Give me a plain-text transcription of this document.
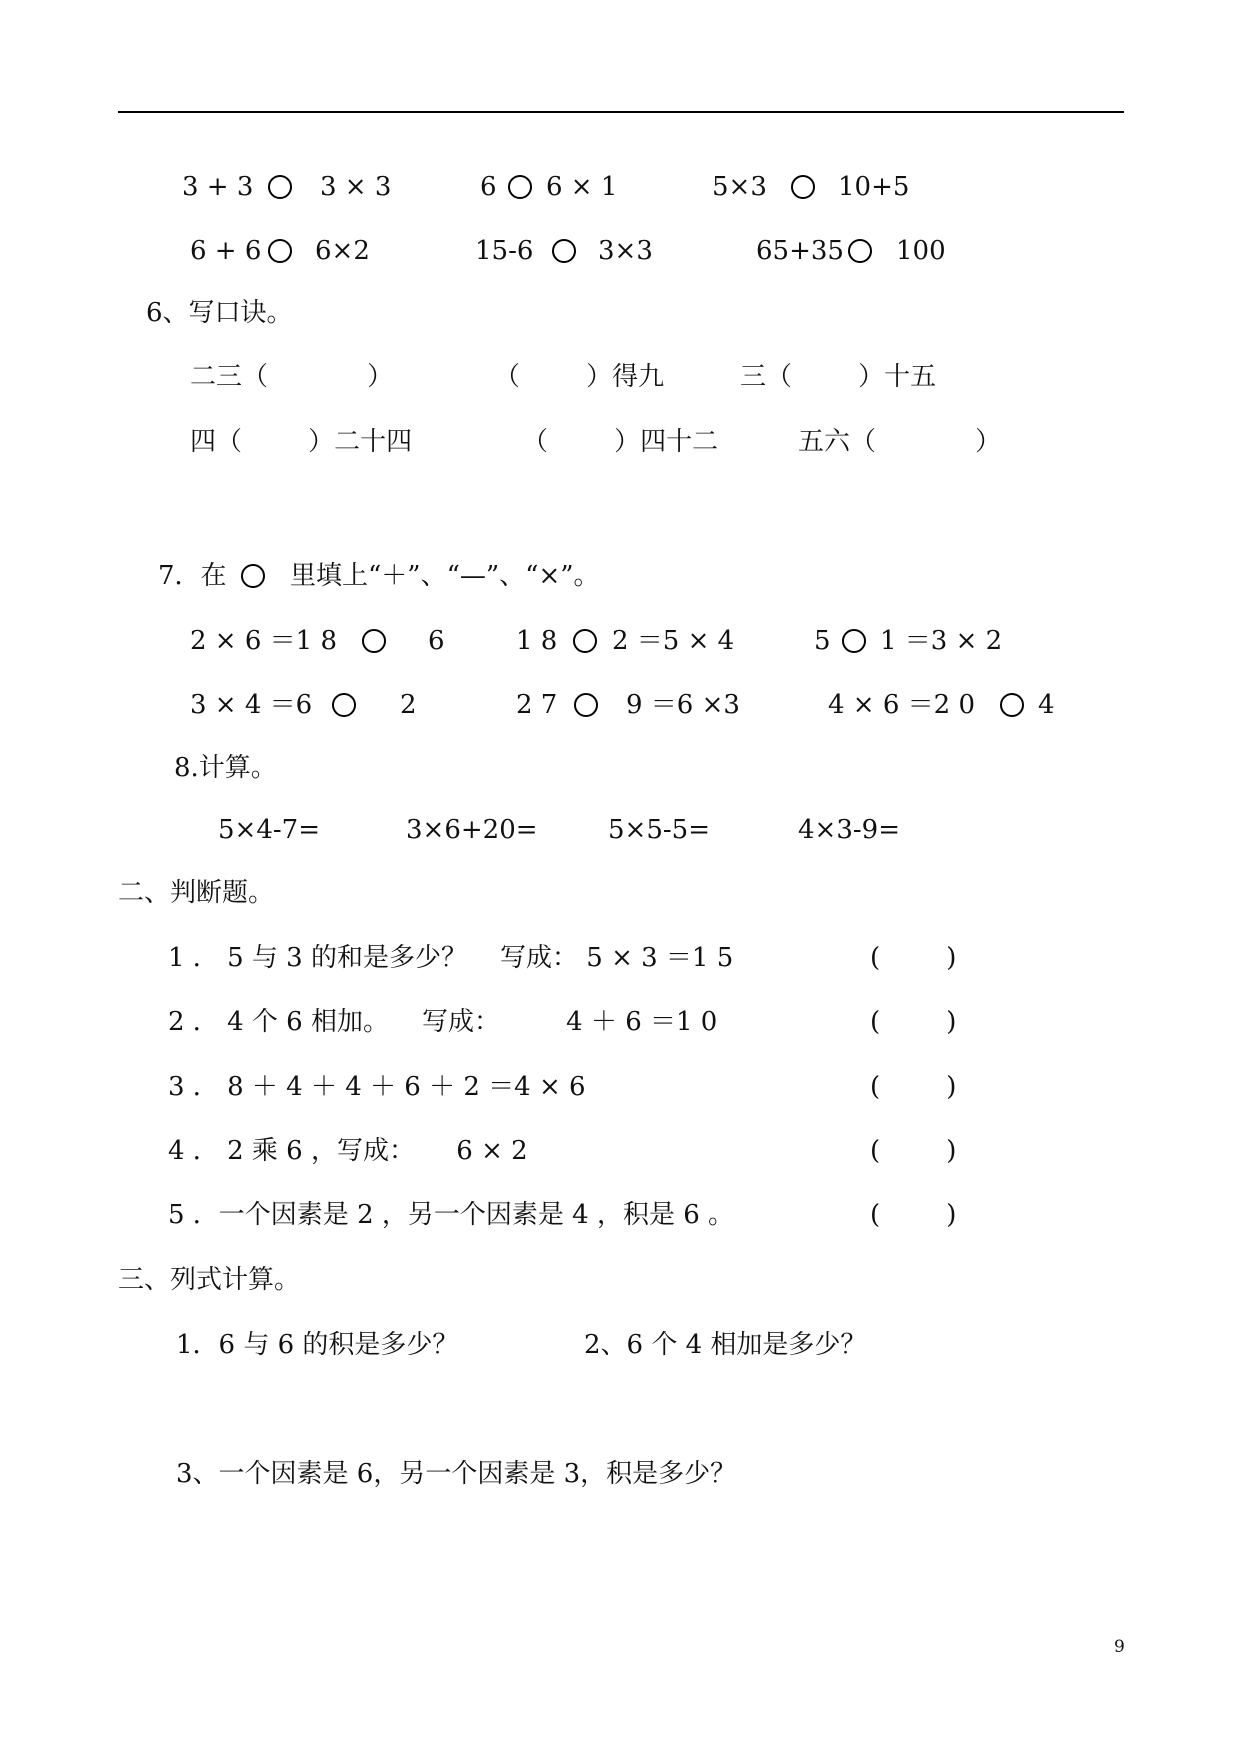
3 + 3	3 × 3	6 6 × 1	5×3	10+5
6 + 6 6×2	15-6 3×3	65+35 100
6、写口诀。
二三（            ）	（        ）得九	三（        ）十五
四（        ）二十四	（        ）四十二	五六（            ）
7．在 里填上“＋”、“—”、“×”。
2 × 6 ＝1 8	6	1 8 2 ＝5 × 4	5 1 ＝3 × 2
3 × 4 ＝6	2	2 7	9 ＝6 ×3	4 × 6 ＝2 0 4
8.计算。
5×4-7=	3×6+20=	5×5-5=	4×3-9=
二、判断题。
1 ． 5 与 3 的和是多少？    写成： 5 × 3 ＝1 5	(        )
2 ． 4 个 6 相加。    写成：        4 ＋ 6 ＝1 0	(        )
3 ． 8 ＋ 4 ＋ 4 ＋ 6 ＋ 2 ＝4 × 6	(        )
4 ． 2 乘 6 ，写成：     6 × 2	(        )
5 ．一个因素是 2 ，另一个因素是 4 ，积是 6 。	(        )
三、列式计算。
1．6 与 6 的积是多少？	2、6 个 4 相加是多少？
3、一个因素是 6，另一个因素是 3，积是多少？
9
